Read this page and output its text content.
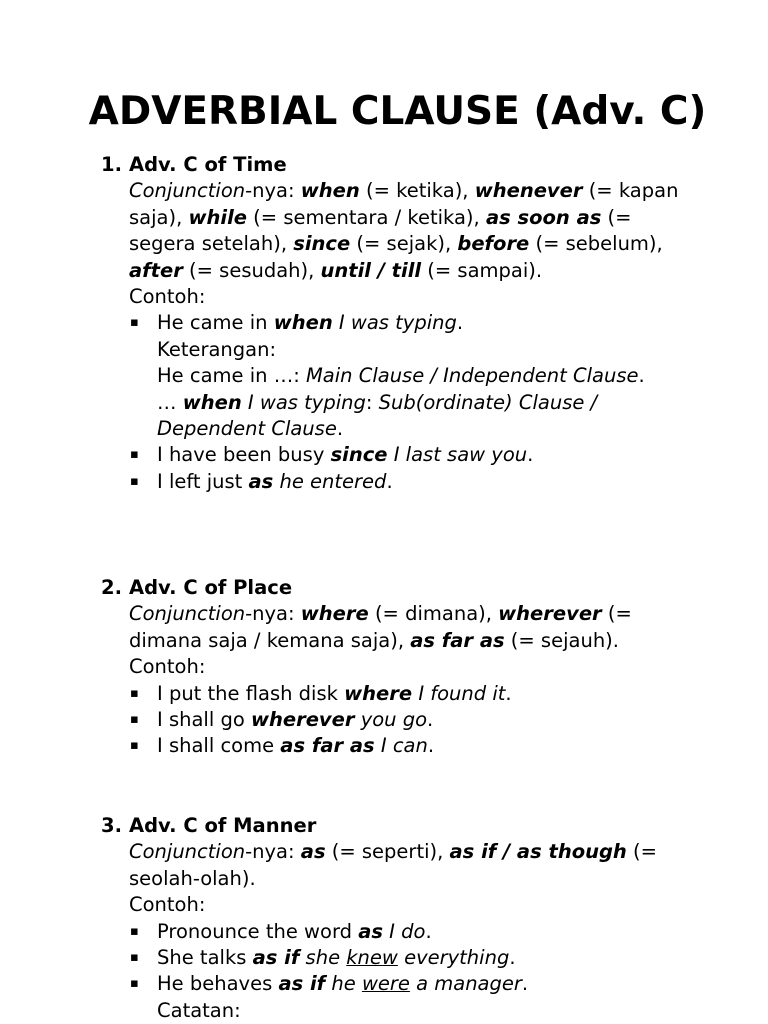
ADVERBIAL CLAUSE (Adv. C)
1. Adv. C of Time
Conjunction-nya: when (= ketika), whenever (= kapan saja), while (= sementara / ketika), as soon as (= segera setelah), since (= sejak), before (= sebelum), after (= sesudah), until / till (= sampai).
Contoh:
▪ He came in when I was typing.
Keterangan:
He came in …: Main Clause / Independent Clause.
… when I was typing: Sub(ordinate) Clause / Dependent Clause.
▪ I have been busy since I last saw you.
▪ I left just as he entered.
2. Adv. C of Place
Conjunction-nya: where (= dimana), wherever (= dimana saja / kemana saja), as far as (= sejauh).
Contoh:
▪ I put the flash disk where I found it.
▪ I shall go wherever you go.
▪ I shall come as far as I can.
3. Adv. C of Manner
Conjunction-nya: as (= seperti), as if / as though (= seolah-olah).
Contoh:
▪ Pronounce the word as I do.
▪ She talks as if she knew everything.
▪ He behaves as if he were a manager.
Catatan:
